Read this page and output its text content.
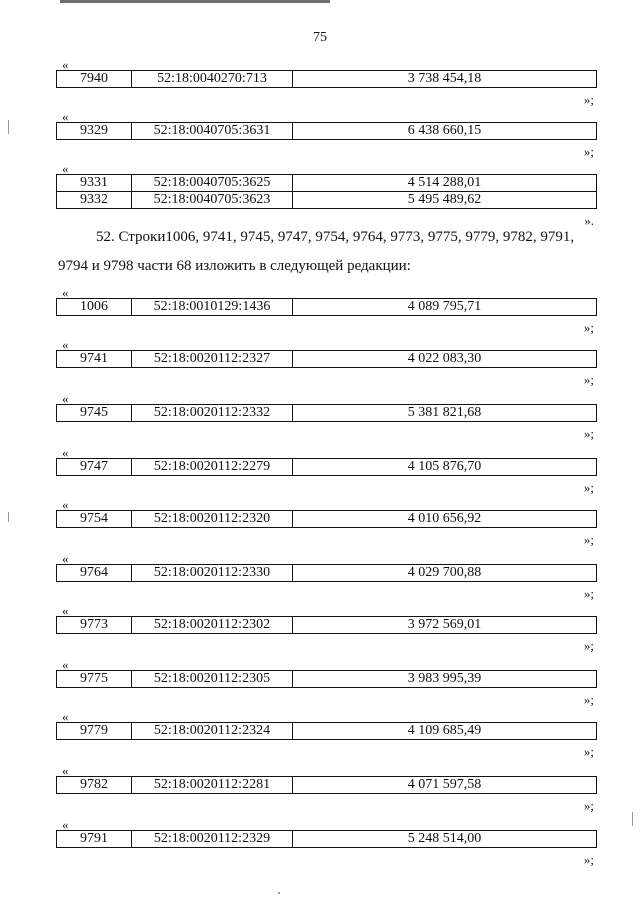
75
52. Строки1006, 9741, 9745, 9747, 9754, 9764, 9773, 9775, 9779, 9782, 9791,
9794 и 9798 части 68 изложить в следующей редакции:
«
7940	52:18:0040270:713	3 738 454,18
»;
«
9329	52:18:0040705:3631	6 438 660,15
»;
«
9331	52:18:0040705:3625	4 514 288,01
9332	52:18:0040705:3623	5 495 489,62
».
«
1006	52:18:0010129:1436	4 089 795,71
»;
«
9741	52:18:0020112:2327	4 022 083,30
»;
«
9745	52:18:0020112:2332	5 381 821,68
»;
«
9747	52:18:0020112:2279	4 105 876,70
»;
«
9754	52:18:0020112:2320	4 010 656,92
»;
«
9764	52:18:0020112:2330	4 029 700,88
»;
«
9773	52:18:0020112:2302	3 972 569,01
»;
«
9775	52:18:0020112:2305	3 983 995,39
»;
«
9779	52:18:0020112:2324	4 109 685,49
»;
«
9782	52:18:0020112:2281	4 071 597,58
»;
«
9791	52:18:0020112:2329	5 248 514,00
»;
